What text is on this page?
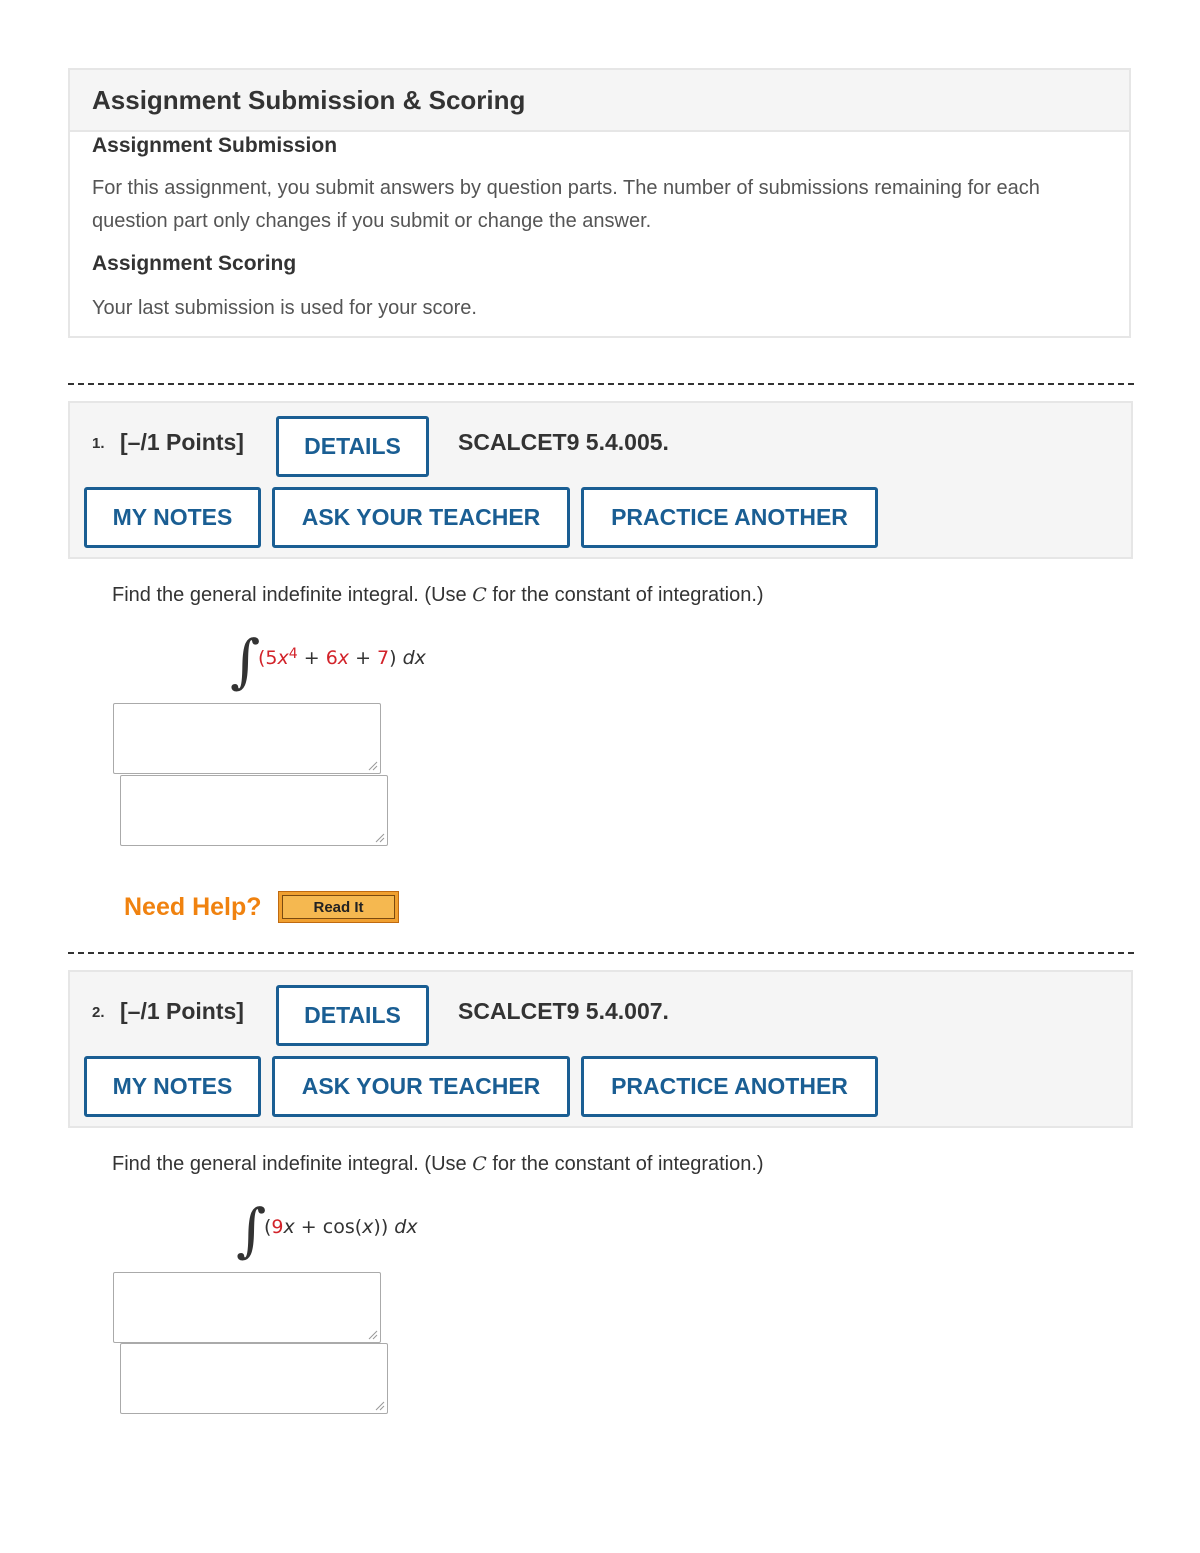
Assignment Submission & Scoring

Assignment Submission

For this assignment, you submit answers by question parts. The number of submissions remaining for each question part only changes if you submit or change the answer.

Assignment Scoring

Your last submission is used for your score.

1. [–/1 Points]	DETAILS	SCALCET9 5.4.005.
MY NOTES	ASK YOUR TEACHER	PRACTICE ANOTHER
Find the general indefinite integral. (Use C for the constant of integration.)
∫
$(5x^4 + 6x + 7)$ dx
Need Help?	Read It
2. [–/1 Points]	DETAILS	SCALCET9 5.4.007.
MY NOTES	ASK YOUR TEACHER	PRACTICE ANOTHER
Find the general indefinite integral. (Use C for the constant of integration.)
∫
(9x + cos(x)) dx
